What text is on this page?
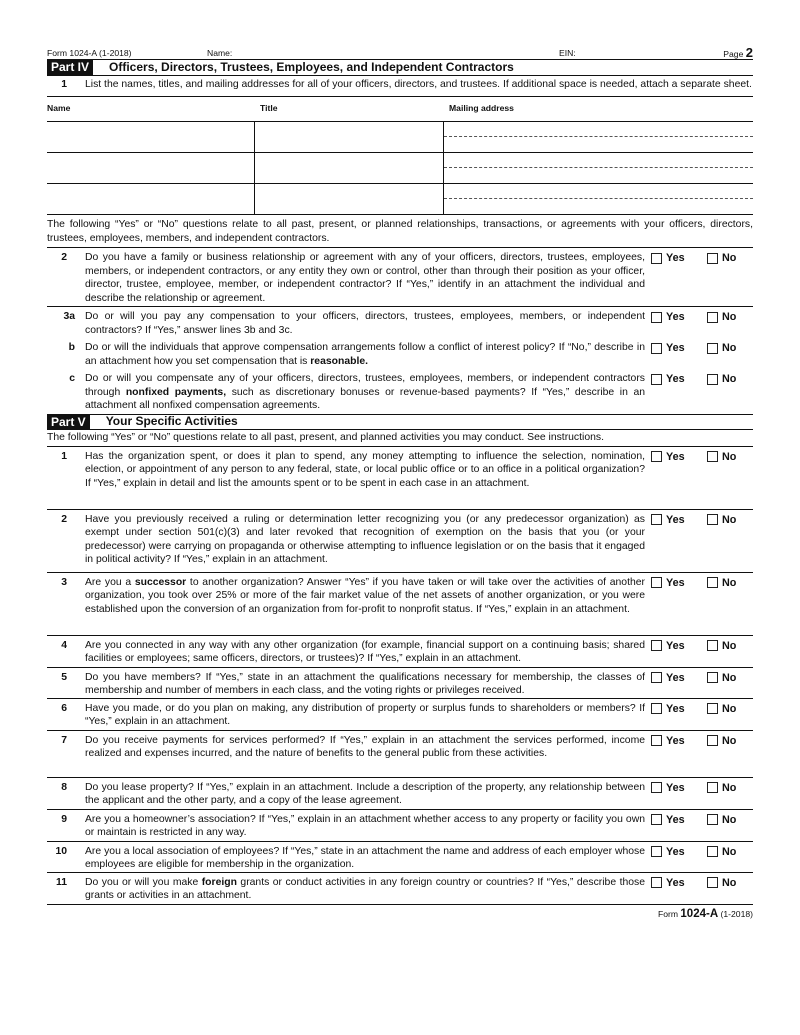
Form 1024-A (1-2018)	Name:	EIN:	Page 2
Part IV	Officers, Directors, Trustees, Employees, and Independent Contractors
1	List the names, titles, and mailing addresses for all of your officers, directors, and trustees. If additional space is needed, attach a separate sheet.
Name	Title	Mailing address

The following “Yes” or “No” questions relate to all past, present, or planned relationships, transactions, or agreements with your officers, directors, trustees, employees, members, and independent contractors.
2	Do you have a family or business relationship or agreement with any of your officers, directors, trustees, employees, members, or independent contractors, or any entity they own or control, other than through their position as your officer, director, trustee, employee, member, or independent contractor? If “Yes,” identify in an attachment the individual and describe the relationship or agreement.
Yes	No
3a Do or will you pay any compensation to your officers, directors, trustees, employees, members, or independent contractors? If “Yes,” answer lines 3b and 3c.
Yes	No
b Do or will the individuals that approve compensation arrangements follow a conflict of interest policy? If “No,” describe in an attachment how you set compensation that is reasonable.
Yes	No
c Do or will you compensate any of your officers, directors, trustees, employees, members, or independent contractors through nonfixed payments, such as discretionary bonuses or revenue-based payments? If “Yes,” describe in an attachment all nonfixed compensation agreements.
Yes	No
Part V	Your Specific Activities
The following “Yes” or “No” questions relate to all past, present, and planned activities you may conduct. See instructions.
1	Has the organization spent, or does it plan to spend, any money attempting to influence the selection, nomination, election, or appointment of any person to any federal, state, or local public office or to an office in a political organization? If “Yes,” explain in detail and list the amounts spent or to be spent in each case in an attachment.
Yes	No
2	Have you previously received a ruling or determination letter recognizing you (or any predecessor organization) as exempt under section 501(c)(3) and later revoked that recognition of exemption on the basis that you (or your predecessor) were carrying on propaganda or otherwise attempting to influence legislation or on the basis that it engaged in political activity? If “Yes,” explain in an attachment.
Yes	No
3	Are you a successor to another organization? Answer “Yes” if you have taken or will take over the activities of another organization, you took over 25% or more of the fair market value of the net assets of another organization, or you were established upon the conversion of an organization from for-profit to nonprofit status. If “Yes,” explain in an attachment.
Yes	No
4	Are you connected in any way with any other organization (for example, financial support on a continuing basis; shared facilities or employees; same officers, directors, or trustees)? If “Yes,” explain in an attachment.
Yes	No
5	Do you have members? If “Yes,” state in an attachment the qualifications necessary for membership, the classes of membership and number of members in each class, and the voting rights or privileges received.
Yes	No
6	Have you made, or do you plan on making, any distribution of property or surplus funds to shareholders or members? If “Yes,” explain in an attachment.
Yes	No
7	Do you receive payments for services performed? If “Yes,” explain in an attachment the services performed, income realized and expenses incurred, and the nature of benefits to the general public from these activities.
Yes	No
8	Do you lease property? If “Yes,” explain in an attachment. Include a description of the property, any relationship between the applicant and the other party, and a copy of the lease agreement.
Yes	No
9	Are you a homeowner’s association? If “Yes,” explain in an attachment whether access to any property or facility you own or maintain is restricted in any way.
Yes	No
10	Are you a local association of employees? If “Yes,” state in an attachment the name and address of each employer whose employees are eligible for membership in the organization.
Yes	No
11	Do you or will you make foreign grants or conduct activities in any foreign country or countries? If “Yes,” describe those grants or activities in an attachment.
Yes	No
Form 1024-A (1-2018)
